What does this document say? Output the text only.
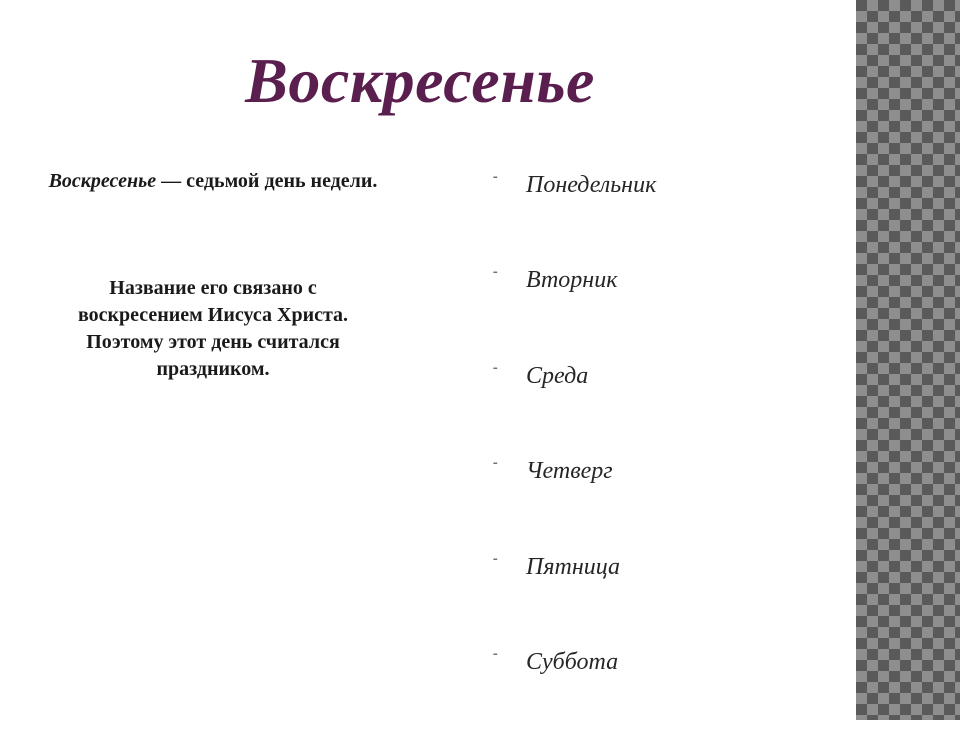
Воскресенье

Воскресенье — седьмой день недели.

Название его связано с воскресением Иисуса Христа. Поэтому этот день считался праздником.

⁃	Понедельник
⁃	Вторник
⁃	Среда
⁃	Четверг
⁃	Пятница
⁃	Суббота
